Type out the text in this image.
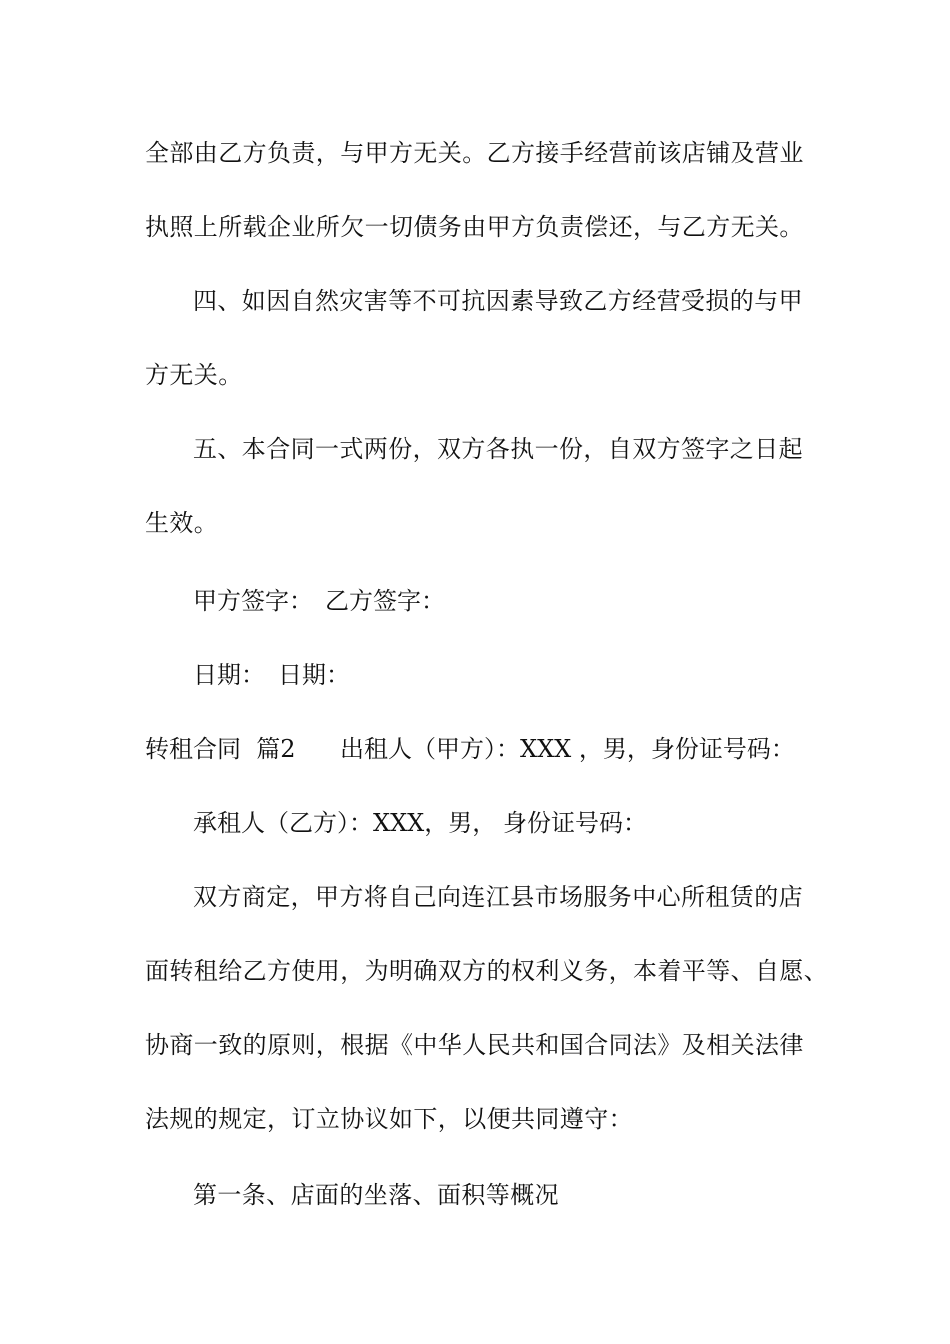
全部由乙方负责，与甲方无关。乙方接手经营前该店铺及营业
执照上所载企业所欠一切债务由甲方负责偿还，与乙方无关。
四、如因自然灾害等不可抗因素导致乙方经营受损的与甲
方无关。
五、本合同一式两份，双方各执一份，自双方签字之日起
生效。
甲方签字： 乙方签字：
日期： 日期：
转租合同  篇2 出租人（甲方）：XXX ，男，身份证号码：
承租人（乙方）：XXX，男， 身份证号码：
双方商定，甲方将自己向连江县市场服务中心所租赁的店
面转租给乙方使用，为明确双方的权利义务，本着平等、自愿、
协商一致的原则，根据《中华人民共和国合同法》及相关法律
法规的规定，订立协议如下，以便共同遵守：
第一条、店面的坐落、面积等概况
